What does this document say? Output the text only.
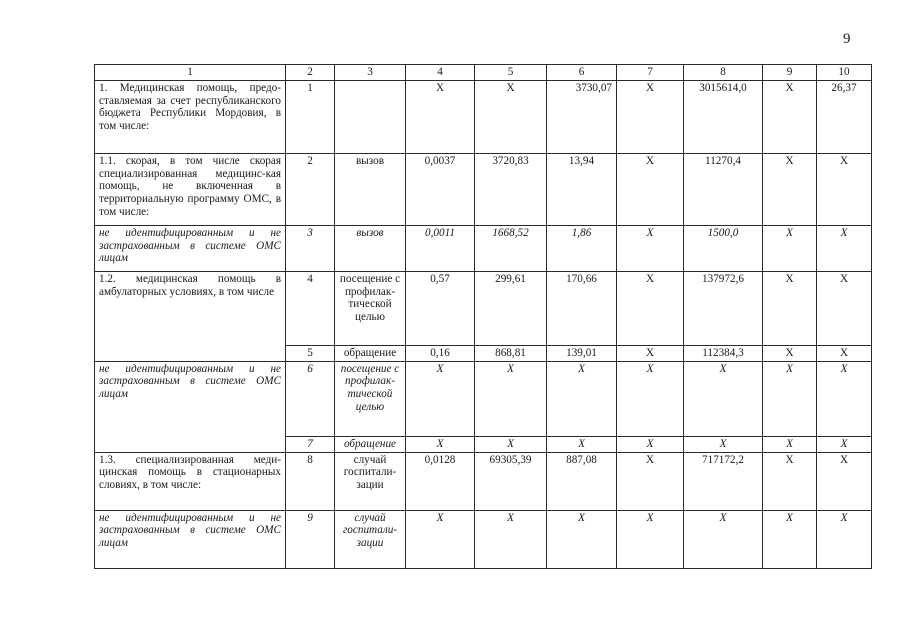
9
1	2	3	4	5	6	7	8	9	10
1. Медицинская помощь, предо-ставляемая за счет республиканского бюджета Республики Мордовия, в том числе:	1		Х	Х	3730,07	Х	3015614,0	Х	26,37
1.1. скорая, в том числе скорая специализированная медицинс-кая помощь, не включенная в территориальную программу ОМС, в том числе:	2	вызов	0,0037	3720,83	13,94	Х	11270,4	Х	Х
не идентифицированным и не застрахованным в системе ОМС лицам	3	вызов	0,0011	1668,52	1,86	Х	1500,0	Х	Х
1.2. медицинская помощь в амбулаторных условиях, в том числе	4	посещение с профилак-тической целью	0,57	299,61	170,66	Х	137972,6	Х	Х
	5	обращение	0,16	868,81	139,01	Х	112384,3	Х	Х
не идентифицированным и не застрахованным в системе ОМС лицам	6	посещение с профилак-тической целью	Х	Х	Х	Х	Х	Х	Х
	7	обращение	Х	Х	Х	Х	Х	Х	Х
1.3. специализированная меди-цинская помощь в стационарных словиях, в том числе:	8	случай госпитали-зации	0,0128	69305,39	887,08	Х	717172,2	Х	Х
не идентифицированным и не застрахованным в системе ОМС лицам	9	случай госпитали-зации	Х	Х	Х	Х	Х	Х	Х
